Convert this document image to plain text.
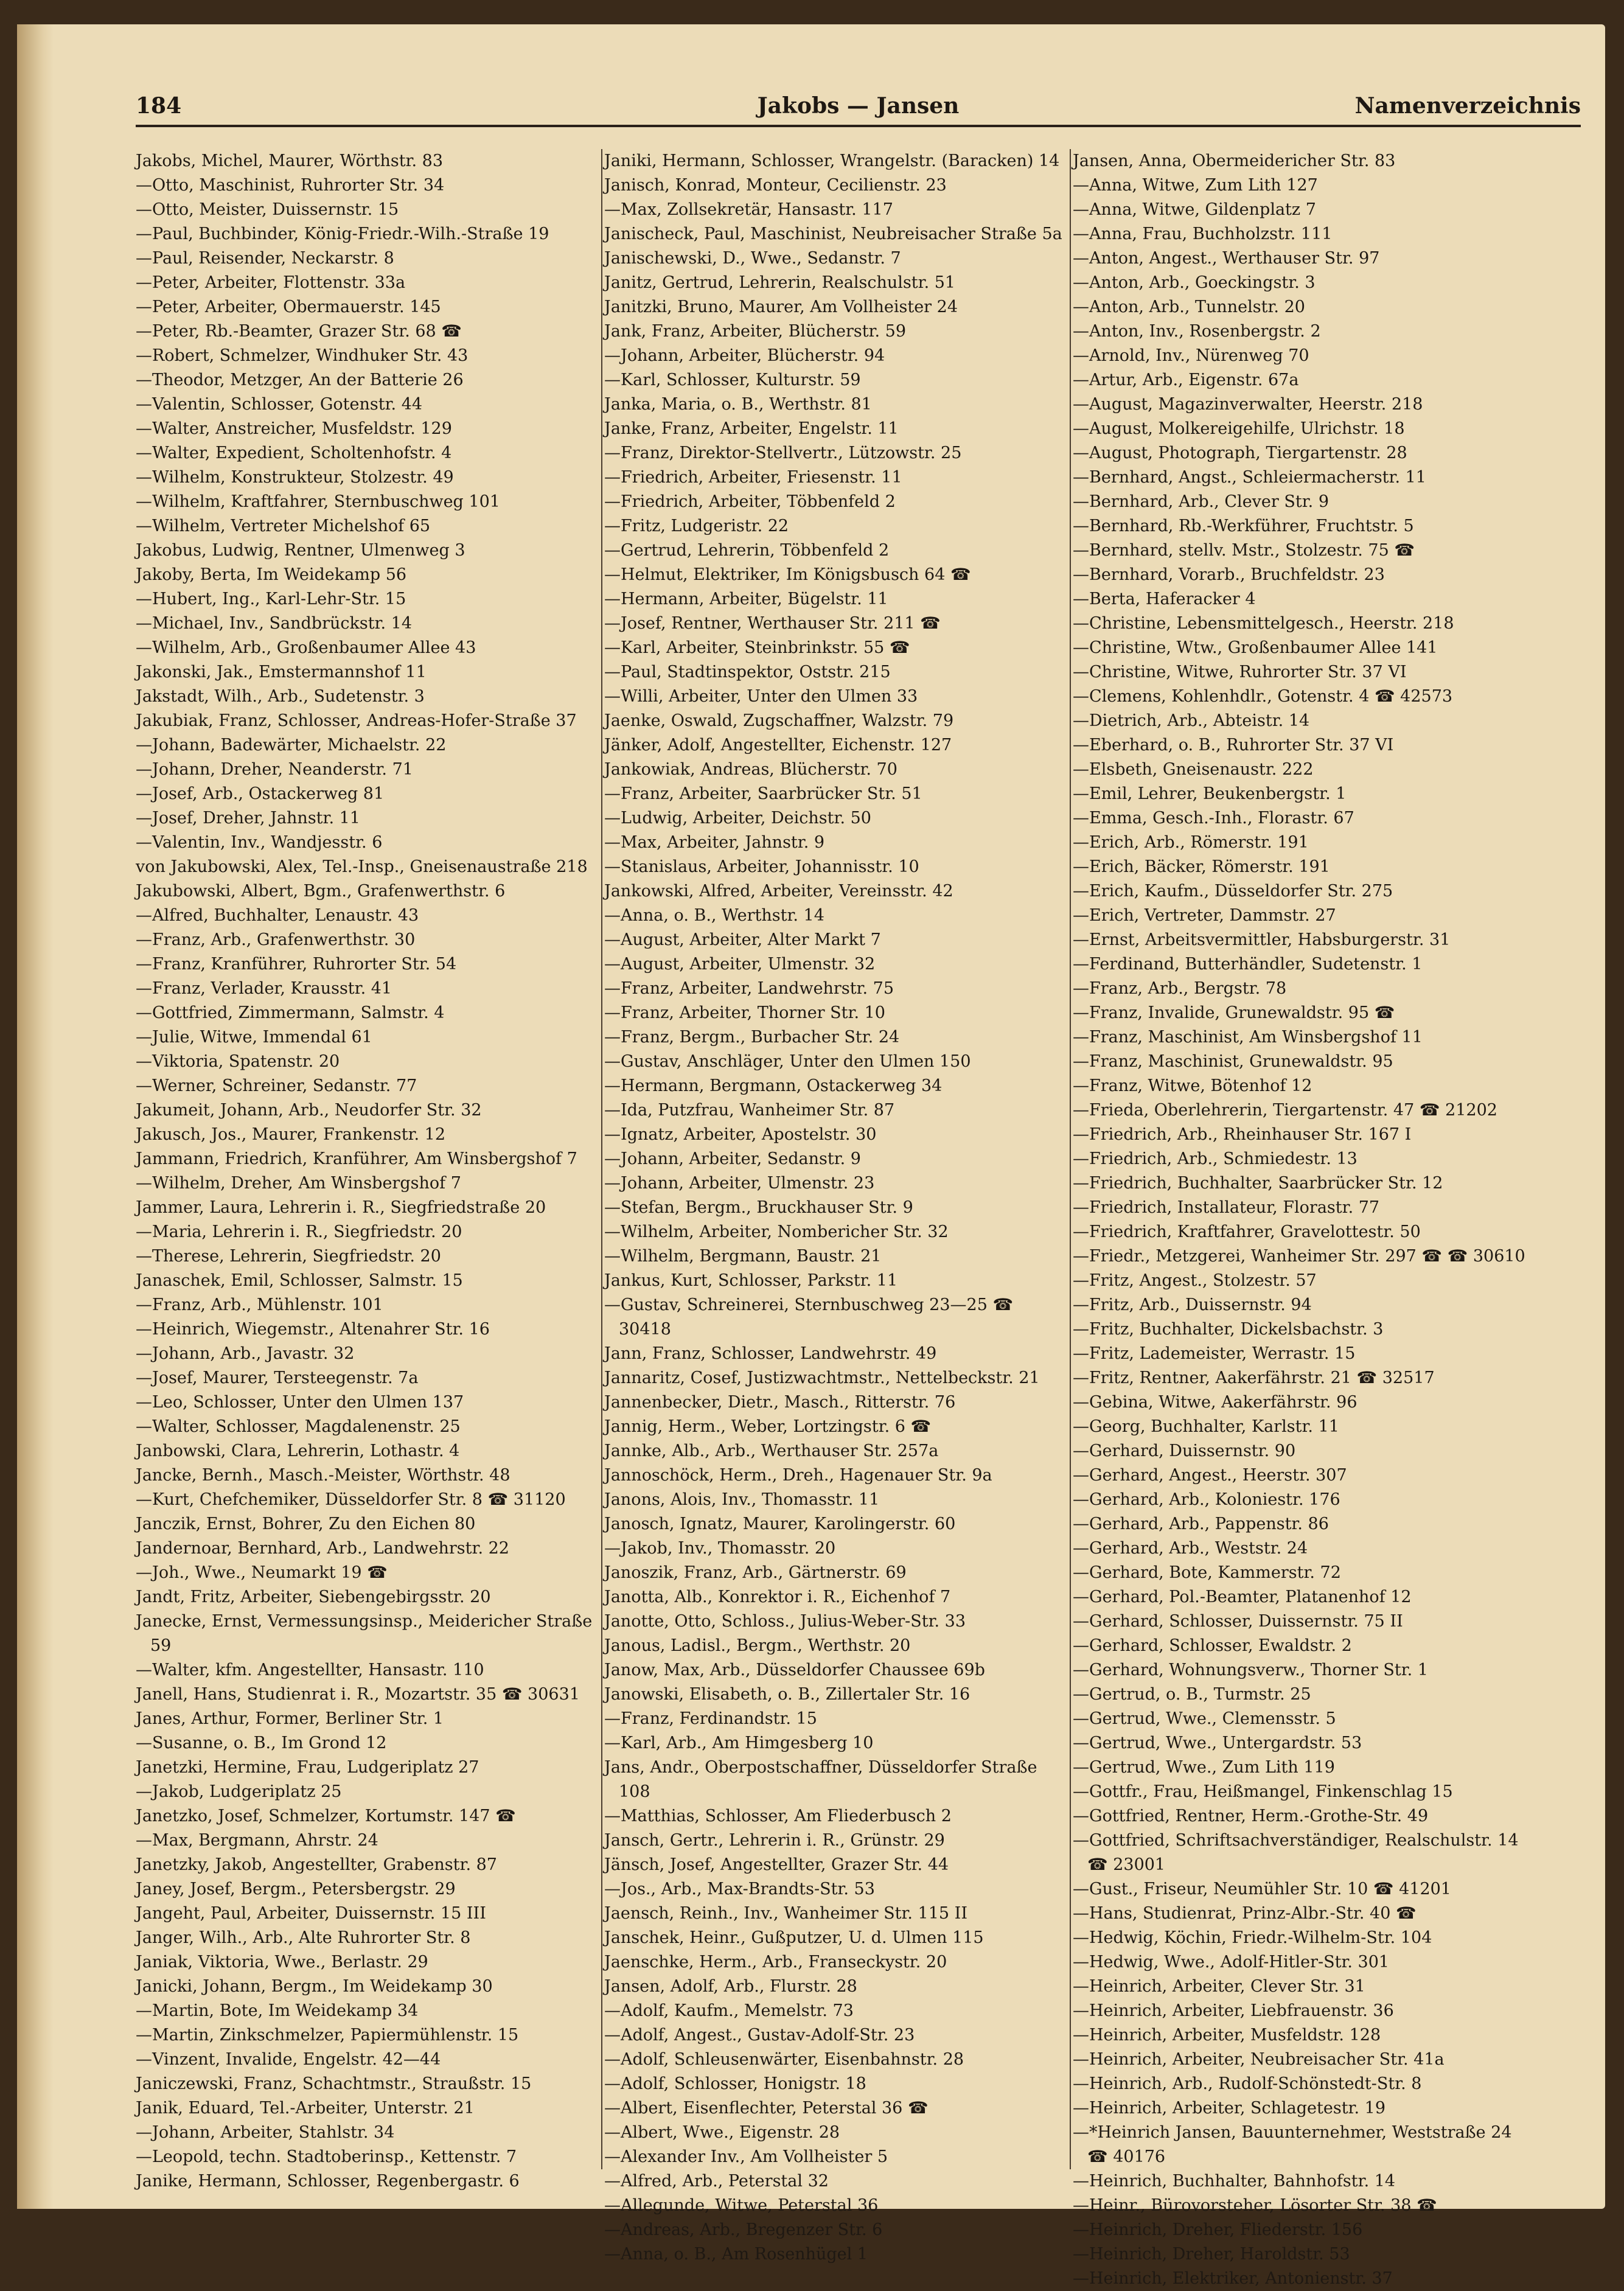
184	Jakobs — Jansen	Namenverzeichnis
Jakobs, Michel, Maurer, Wörthstr. 83
—Otto, Maschinist, Ruhrorter Str. 34
—Otto, Meister, Duissernstr. 15
—Paul, Buchbinder, König-Friedr.-Wilh.-Straße 19
—Paul, Reisender, Neckarstr. 8
—Peter, Arbeiter, Flottenstr. 33a
—Peter, Arbeiter, Obermauerstr. 145
—Peter, Rb.-Beamter, Grazer Str. 68 ☎
—Robert, Schmelzer, Windhuker Str. 43
—Theodor, Metzger, An der Batterie 26
—Valentin, Schlosser, Gotenstr. 44
—Walter, Anstreicher, Musfeldstr. 129
—Walter, Expedient, Scholtenhofstr. 4
—Wilhelm, Konstrukteur, Stolzestr. 49
—Wilhelm, Kraftfahrer, Sternbuschweg 101
—Wilhelm, Vertreter Michelshof 65
Jakobus, Ludwig, Rentner, Ulmenweg 3
Jakoby, Berta, Im Weidekamp 56
—Hubert, Ing., Karl-Lehr-Str. 15
—Michael, Inv., Sandbrückstr. 14
—Wilhelm, Arb., Großenbaumer Allee 43
Jakonski, Jak., Emstermannshof 11
Jakstadt, Wilh., Arb., Sudetenstr. 3
Jakubiak, Franz, Schlosser, Andreas-Hofer-Straße 37
—Johann, Badewärter, Michaelstr. 22
—Johann, Dreher, Neanderstr. 71
—Josef, Arb., Ostackerweg 81
—Josef, Dreher, Jahnstr. 11
—Valentin, Inv., Wandjesstr. 6
von Jakubowski, Alex, Tel.-Insp., Gneisenaustraße 218
Jakubowski, Albert, Bgm., Grafenwerthstr. 6
—Alfred, Buchhalter, Lenaustr. 43
—Franz, Arb., Grafenwerthstr. 30
—Franz, Kranführer, Ruhrorter Str. 54
—Franz, Verlader, Krausstr. 41
—Gottfried, Zimmermann, Salmstr. 4
—Julie, Witwe, Immendal 61
—Viktoria, Spatenstr. 20
—Werner, Schreiner, Sedanstr. 77
Jakumeit, Johann, Arb., Neudorfer Str. 32
Jakusch, Jos., Maurer, Frankenstr. 12
Jammann, Friedrich, Kranführer, Am Winsbergshof 7
—Wilhelm, Dreher, Am Winsbergshof 7
Jammer, Laura, Lehrerin i. R., Siegfriedstraße 20
—Maria, Lehrerin i. R., Siegfriedstr. 20
—Therese, Lehrerin, Siegfriedstr. 20
Janaschek, Emil, Schlosser, Salmstr. 15
—Franz, Arb., Mühlenstr. 101
—Heinrich, Wiegemstr., Altenahrer Str. 16
—Johann, Arb., Javastr. 32
—Josef, Maurer, Tersteegenstr. 7a
—Leo, Schlosser, Unter den Ulmen 137
—Walter, Schlosser, Magdalenenstr. 25
Janbowski, Clara, Lehrerin, Lothastr. 4
Jancke, Bernh., Masch.-Meister, Wörthstr. 48
—Kurt, Chefchemiker, Düsseldorfer Str. 8 ☎ 31120
Janczik, Ernst, Bohrer, Zu den Eichen 80
Jandernoar, Bernhard, Arb., Landwehrstr. 22
—Joh., Wwe., Neumarkt 19 ☎
Jandt, Fritz, Arbeiter, Siebengebirgsstr. 20
Janecke, Ernst, Vermessungsinsp., Meidericher Straße 59
—Walter, kfm. Angestellter, Hansastr. 110
Janell, Hans, Studienrat i. R., Mozartstr. 35 ☎ 30631
Janes, Arthur, Former, Berliner Str. 1
—Susanne, o. B., Im Grond 12
Janetzki, Hermine, Frau, Ludgeriplatz 27
—Jakob, Ludgeriplatz 25
Janetzko, Josef, Schmelzer, Kortumstr. 147 ☎
—Max, Bergmann, Ahrstr. 24
Janetzky, Jakob, Angestellter, Grabenstr. 87
Janey, Josef, Bergm., Petersbergstr. 29
Jangeht, Paul, Arbeiter, Duissernstr. 15 III
Janger, Wilh., Arb., Alte Ruhrorter Str. 8
Janiak, Viktoria, Wwe., Berlastr. 29
Janicki, Johann, Bergm., Im Weidekamp 30
—Martin, Bote, Im Weidekamp 34
—Martin, Zinkschmelzer, Papiermühlenstr. 15
—Vinzent, Invalide, Engelstr. 42—44
Janiczewski, Franz, Schachtmstr., Straußstr. 15
Janik, Eduard, Tel.-Arbeiter, Unterstr. 21
—Johann, Arbeiter, Stahlstr. 34
—Leopold, techn. Stadtoberinsp., Kettenstr. 7
Janike, Hermann, Schlosser, Regenbergastr. 6
Janiki, Hermann, Schlosser, Wrangelstr. (Baracken) 14
Janisch, Konrad, Monteur, Cecilienstr. 23
—Max, Zollsekretär, Hansastr. 117
Janischeck, Paul, Maschinist, Neubreisacher Straße 5a
Janischewski, D., Wwe., Sedanstr. 7
Janitz, Gertrud, Lehrerin, Realschulstr. 51
Janitzki, Bruno, Maurer, Am Vollheister 24
Jank, Franz, Arbeiter, Blücherstr. 59
—Johann, Arbeiter, Blücherstr. 94
—Karl, Schlosser, Kulturstr. 59
Janka, Maria, o. B., Werthstr. 81
Janke, Franz, Arbeiter, Engelstr. 11
—Franz, Direktor-Stellvertr., Lützowstr. 25
—Friedrich, Arbeiter, Friesenstr. 11
—Friedrich, Arbeiter, Többenfeld 2
—Fritz, Ludgeristr. 22
—Gertrud, Lehrerin, Többenfeld 2
—Helmut, Elektriker, Im Königsbusch 64 ☎
—Hermann, Arbeiter, Bügelstr. 11
—Josef, Rentner, Werthauser Str. 211 ☎
—Karl, Arbeiter, Steinbrinkstr. 55 ☎
—Paul, Stadtinspektor, Oststr. 215
—Willi, Arbeiter, Unter den Ulmen 33
Jaenke, Oswald, Zugschaffner, Walzstr. 79
Jänker, Adolf, Angestellter, Eichenstr. 127
Jankowiak, Andreas, Blücherstr. 70
—Franz, Arbeiter, Saarbrücker Str. 51
—Ludwig, Arbeiter, Deichstr. 50
—Max, Arbeiter, Jahnstr. 9
—Stanislaus, Arbeiter, Johannisstr. 10
Jankowski, Alfred, Arbeiter, Vereinsstr. 42
—Anna, o. B., Werthstr. 14
—August, Arbeiter, Alter Markt 7
—August, Arbeiter, Ulmenstr. 32
—Franz, Arbeiter, Landwehrstr. 75
—Franz, Arbeiter, Thorner Str. 10
—Franz, Bergm., Burbacher Str. 24
—Gustav, Anschläger, Unter den Ulmen 150
—Hermann, Bergmann, Ostackerweg 34
—Ida, Putzfrau, Wanheimer Str. 87
—Ignatz, Arbeiter, Apostelstr. 30
—Johann, Arbeiter, Sedanstr. 9
—Johann, Arbeiter, Ulmenstr. 23
—Stefan, Bergm., Bruckhauser Str. 9
—Wilhelm, Arbeiter, Nombericher Str. 32
—Wilhelm, Bergmann, Baustr. 21
Jankus, Kurt, Schlosser, Parkstr. 11
—Gustav, Schreinerei, Sternbuschweg 23—25 ☎ 30418
Jann, Franz, Schlosser, Landwehrstr. 49
Jannaritz, Cosef, Justizwachtmstr., Nettelbeckstr. 21
Jannenbecker, Dietr., Masch., Ritterstr. 76
Jannig, Herm., Weber, Lortzingstr. 6 ☎
Jannke, Alb., Arb., Werthauser Str. 257a
Jannoschöck, Herm., Dreh., Hagenauer Str. 9a
Janons, Alois, Inv., Thomasstr. 11
Janosch, Ignatz, Maurer, Karolingerstr. 60
—Jakob, Inv., Thomasstr. 20
Janoszik, Franz, Arb., Gärtnerstr. 69
Janotta, Alb., Konrektor i. R., Eichenhof 7
Janotte, Otto, Schloss., Julius-Weber-Str. 33
Janous, Ladisl., Bergm., Werthstr. 20
Janow, Max, Arb., Düsseldorfer Chaussee 69b
Janowski, Elisabeth, o. B., Zillertaler Str. 16
—Franz, Ferdinandstr. 15
—Karl, Arb., Am Himgesberg 10
Jans, Andr., Oberpostschaffner, Düsseldorfer Straße 108
—Matthias, Schlosser, Am Fliederbusch 2
Jansch, Gertr., Lehrerin i. R., Grünstr. 29
Jänsch, Josef, Angestellter, Grazer Str. 44
—Jos., Arb., Max-Brandts-Str. 53
Jaensch, Reinh., Inv., Wanheimer Str. 115 II
Janschek, Heinr., Gußputzer, U. d. Ulmen 115
Jaenschke, Herm., Arb., Franseckystr. 20
Jansen, Adolf, Arb., Flurstr. 28
—Adolf, Kaufm., Memelstr. 73
—Adolf, Angest., Gustav-Adolf-Str. 23
—Adolf, Schleusenwärter, Eisenbahnstr. 28
—Adolf, Schlosser, Honigstr. 18
—Albert, Eisenflechter, Peterstal 36 ☎
—Albert, Wwe., Eigenstr. 28
—Alexander Inv., Am Vollheister 5
—Alfred, Arb., Peterstal 32
—Allegunde, Witwe, Peterstal 36
—Andreas, Arb., Bregenzer Str. 6
—Anna, o. B., Am Rosenhügel 1
Jansen, Anna, Obermeidericher Str. 83
—Anna, Witwe, Zum Lith 127
—Anna, Witwe, Gildenplatz 7
—Anna, Frau, Buchholzstr. 111
—Anton, Angest., Werthauser Str. 97
—Anton, Arb., Goeckingstr. 3
—Anton, Arb., Tunnelstr. 20
—Anton, Inv., Rosenbergstr. 2
—Arnold, Inv., Nürenweg 70
—Artur, Arb., Eigenstr. 67a
—August, Magazinverwalter, Heerstr. 218
—August, Molkereigehilfe, Ulrichstr. 18
—August, Photograph, Tiergartenstr. 28
—Bernhard, Angst., Schleiermacherstr. 11
—Bernhard, Arb., Clever Str. 9
—Bernhard, Rb.-Werkführer, Fruchtstr. 5
—Bernhard, stellv. Mstr., Stolzestr. 75 ☎
—Bernhard, Vorarb., Bruchfeldstr. 23
—Berta, Haferacker 4
—Christine, Lebensmittelgesch., Heerstr. 218
—Christine, Wtw., Großenbaumer Allee 141
—Christine, Witwe, Ruhrorter Str. 37 VI
—Clemens, Kohlenhdlr., Gotenstr. 4 ☎ 42573
—Dietrich, Arb., Abteistr. 14
—Eberhard, o. B., Ruhrorter Str. 37 VI
—Elsbeth, Gneisenaustr. 222
—Emil, Lehrer, Beukenbergstr. 1
—Emma, Gesch.-Inh., Florastr. 67
—Erich, Arb., Römerstr. 191
—Erich, Bäcker, Römerstr. 191
—Erich, Kaufm., Düsseldorfer Str. 275
—Erich, Vertreter, Dammstr. 27
—Ernst, Arbeitsvermittler, Habsburgerstr. 31
—Ferdinand, Butterhändler, Sudetenstr. 1
—Franz, Arb., Bergstr. 78
—Franz, Invalide, Grunewaldstr. 95 ☎
—Franz, Maschinist, Am Winsbergshof 11
—Franz, Maschinist, Grunewaldstr. 95
—Franz, Witwe, Bötenhof 12
—Frieda, Oberlehrerin, Tiergartenstr. 47 ☎ 21202
—Friedrich, Arb., Rheinhauser Str. 167 I
—Friedrich, Arb., Schmiedestr. 13
—Friedrich, Buchhalter, Saarbrücker Str. 12
—Friedrich, Installateur, Florastr. 77
—Friedrich, Kraftfahrer, Gravelottestr. 50
—Friedr., Metzgerei, Wanheimer Str. 297 ☎ ☎ 30610
—Fritz, Angest., Stolzestr. 57
—Fritz, Arb., Duissernstr. 94
—Fritz, Buchhalter, Dickelsbachstr. 3
—Fritz, Lademeister, Werrastr. 15
—Fritz, Rentner, Aakerfährstr. 21 ☎ 32517
—Gebina, Witwe, Aakerfährstr. 96
—Georg, Buchhalter, Karlstr. 11
—Gerhard, Duissernstr. 90
—Gerhard, Angest., Heerstr. 307
—Gerhard, Arb., Koloniestr. 176
—Gerhard, Arb., Pappenstr. 86
—Gerhard, Arb., Weststr. 24
—Gerhard, Bote, Kammerstr. 72
—Gerhard, Pol.-Beamter, Platanenhof 12
—Gerhard, Schlosser, Duissernstr. 75 II
—Gerhard, Schlosser, Ewaldstr. 2
—Gerhard, Wohnungsverw., Thorner Str. 1
—Gertrud, o. B., Turmstr. 25
—Gertrud, Wwe., Clemensstr. 5
—Gertrud, Wwe., Untergardstr. 53
—Gertrud, Wwe., Zum Lith 119
—Gottfr., Frau, Heißmangel, Finkenschlag 15
—Gottfried, Rentner, Herm.-Grothe-Str. 49
—Gottfried, Schriftsachverständiger, Realschulstr. 14 ☎ 23001
—Gust., Friseur, Neumühler Str. 10 ☎ 41201
—Hans, Studienrat, Prinz-Albr.-Str. 40 ☎
—Hedwig, Köchin, Friedr.-Wilhelm-Str. 104
—Hedwig, Wwe., Adolf-Hitler-Str. 301
—Heinrich, Arbeiter, Clever Str. 31
—Heinrich, Arbeiter, Liebfrauenstr. 36
—Heinrich, Arbeiter, Musfeldstr. 128
—Heinrich, Arbeiter, Neubreisacher Str. 41a
—Heinrich, Arb., Rudolf-Schönstedt-Str. 8
—Heinrich, Arbeiter, Schlagetestr. 19
—*Heinrich Jansen, Bauunternehmer, Weststraße 24 ☎ 40176
—Heinrich, Buchhalter, Bahnhofstr. 14
—Heinr., Bürovorsteher, Lösorter Str. 38 ☎
—Heinrich, Dreher, Fliederstr. 156
—Heinrich, Dreher, Haroldstr. 53
—Heinrich, Elektriker, Antonienstr. 37
